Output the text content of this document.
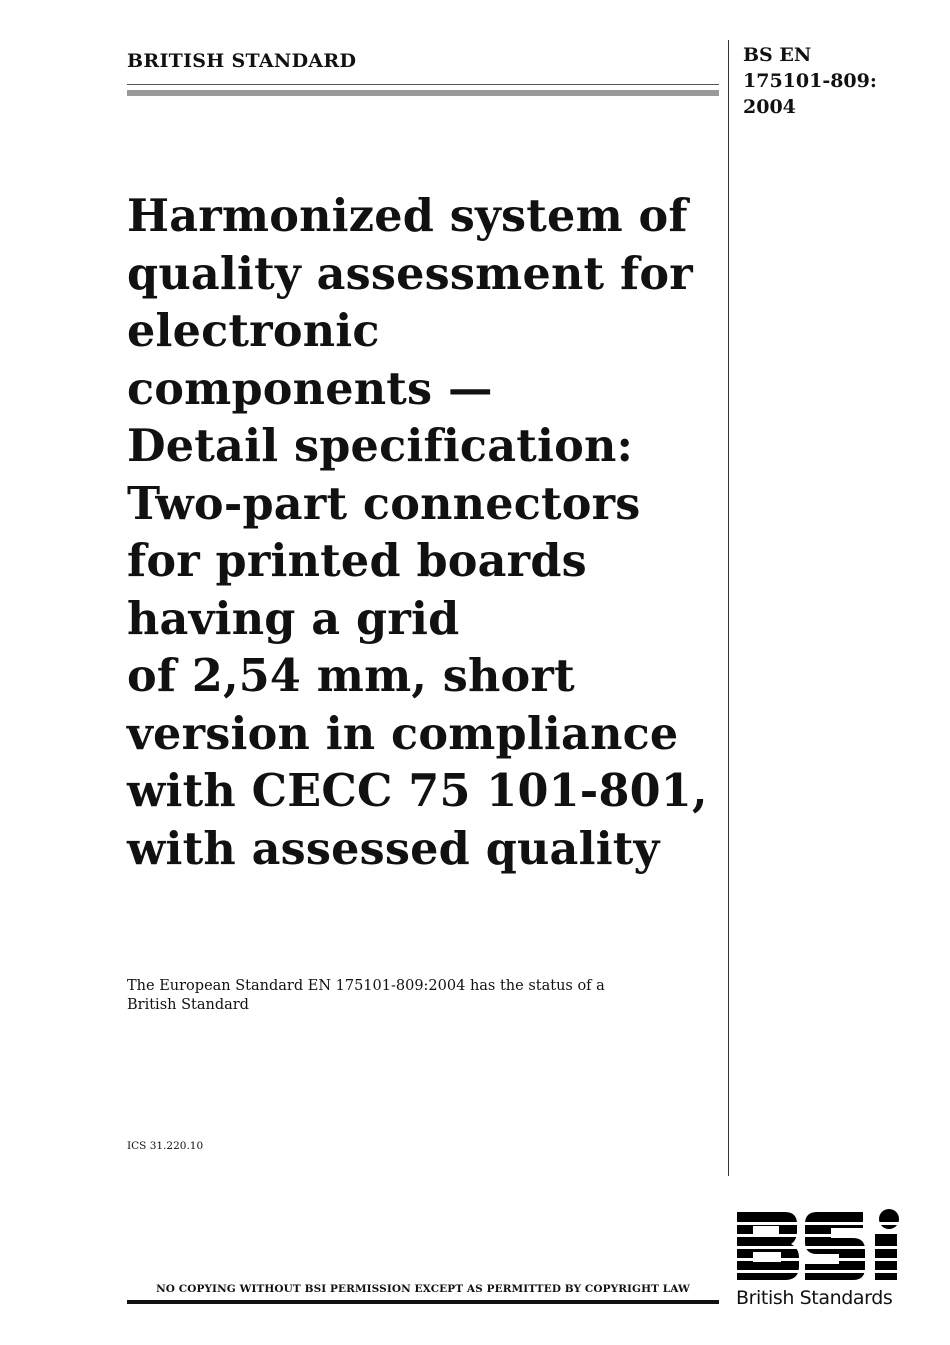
BRITISH STANDARD	BS EN
175101-809:
2004
Harmonized system of
quality assessment for
electronic
components —
Detail specification:
Two-part connectors
for printed boards
having a grid
of 2,54 mm, short
version in compliance
with CECC 75 101-801,
with assessed quality
The European Standard EN 175101-809:2004 has the status of a
British Standard
ICS 31.220.10
NO COPYING WITHOUT BSI PERMISSION EXCEPT AS PERMITTED BY COPYRIGHT LAW	British Standards
